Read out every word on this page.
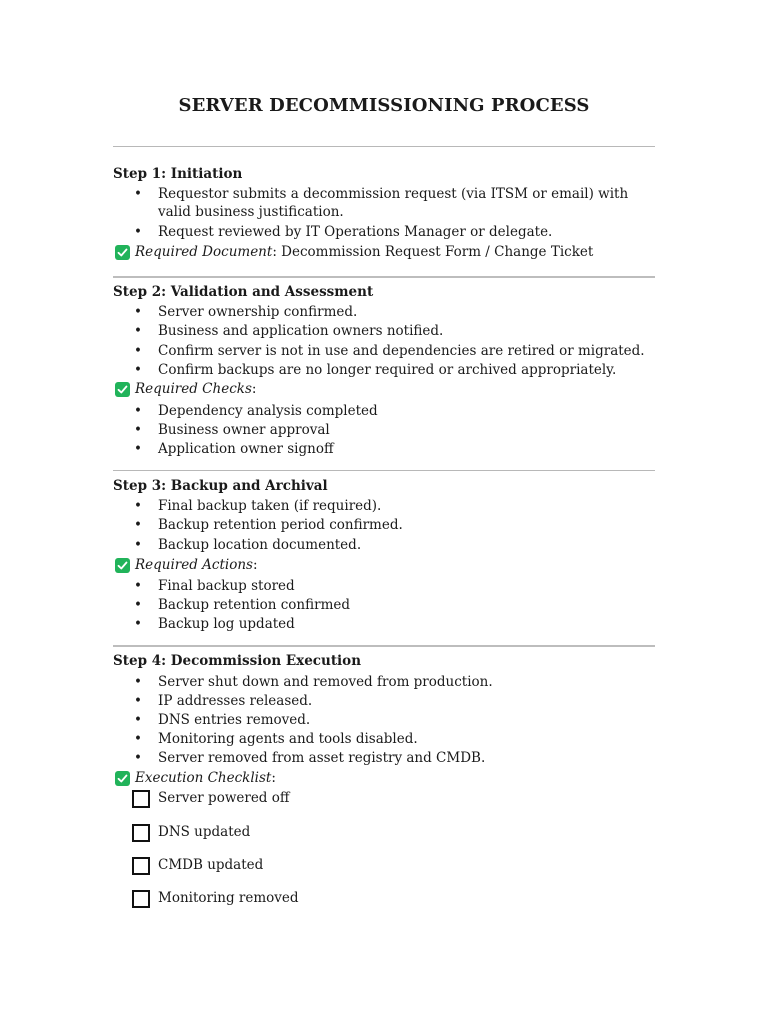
SERVER DECOMMISSIONING PROCESS
Step 1: Initiation
• Requestor submits a decommission request (via ITSM or email) with valid business justification.
• Request reviewed by IT Operations Manager or delegate.
Required Document: Decommission Request Form / Change Ticket
Step 2: Validation and Assessment
• Server ownership confirmed.
• Business and application owners notified.
• Confirm server is not in use and dependencies are retired or migrated.
• Confirm backups are no longer required or archived appropriately.
Required Checks:
• Dependency analysis completed
• Business owner approval
• Application owner signoff
Step 3: Backup and Archival
• Final backup taken (if required).
• Backup retention period confirmed.
• Backup location documented.
Required Actions:
• Final backup stored
• Backup retention confirmed
• Backup log updated
Step 4: Decommission Execution
• Server shut down and removed from production.
• IP addresses released.
• DNS entries removed.
• Monitoring agents and tools disabled.
• Server removed from asset registry and CMDB.
Execution Checklist:
Server powered off
DNS updated
CMDB updated
Monitoring removed
